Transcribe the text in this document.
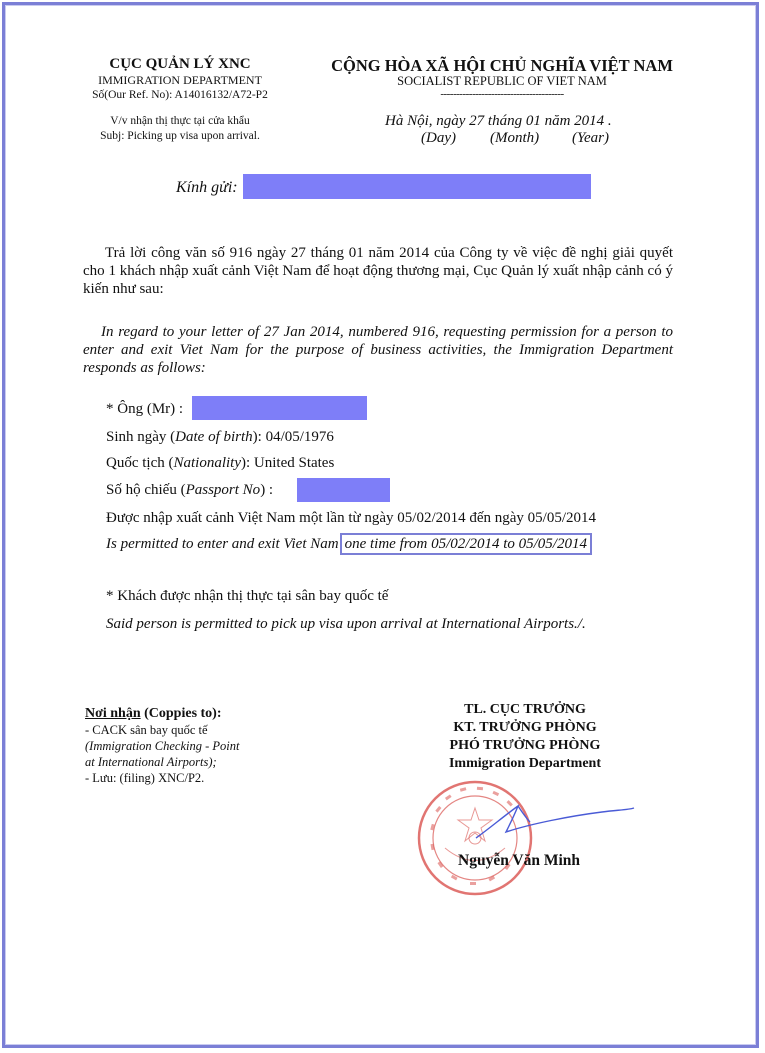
CỤC QUẢN LÝ XNC
IMMIGRATION DEPARTMENT
Số(Our Ref. No): A14016132/A72-P2
V/v nhận thị thực tại cửa khẩu
Subj: Picking up visa upon arrival.
CỘNG HÒA XÃ HỘI CHỦ NGHĨA VIỆT NAM
SOCIALIST REPUBLIC OF VIET NAM
---------------------------------------
Hà Nội, ngày 27 tháng 01 năm 2014 .
(Day) (Month) (Year)
Kính gửi:
Trả lời công văn số 916 ngày 27 tháng 01 năm 2014 của Công ty về việc đề nghị giải quyết cho 1 khách nhập xuất cảnh Việt Nam để hoạt động thương mại, Cục Quản lý xuất nhập cảnh có ý kiến như sau:
In regard to your letter of 27 Jan 2014, numbered 916, requesting permission for a person to enter and exit Viet Nam for the purpose of business activities, the Immigration Department responds as follows:
* Ông (Mr) :
Sinh ngày (Date of birth): 04/05/1976
Quốc tịch (Nationality): United States
Số hộ chiếu (Passport No) :
Được nhập xuất cảnh Việt Nam một lần từ ngày 05/02/2014 đến ngày 05/05/2014
Is permitted to enter and exit Viet Nam one time from 05/02/2014 to 05/05/2014
* Khách được nhận thị thực tại sân bay quốc tế
Said person is permitted to pick up visa upon arrival at International Airports./.
Nơi nhận (Coppies to):
- CACK sân bay quốc tế
(Immigration Checking - Point
at International Airports);
- Lưu: (filing) XNC/P2.
TL. CỤC TRƯỞNG
KT. TRƯỞNG PHÒNG
PHÓ TRƯỞNG PHÒNG
Immigration Department
Nguyễn Văn Minh
